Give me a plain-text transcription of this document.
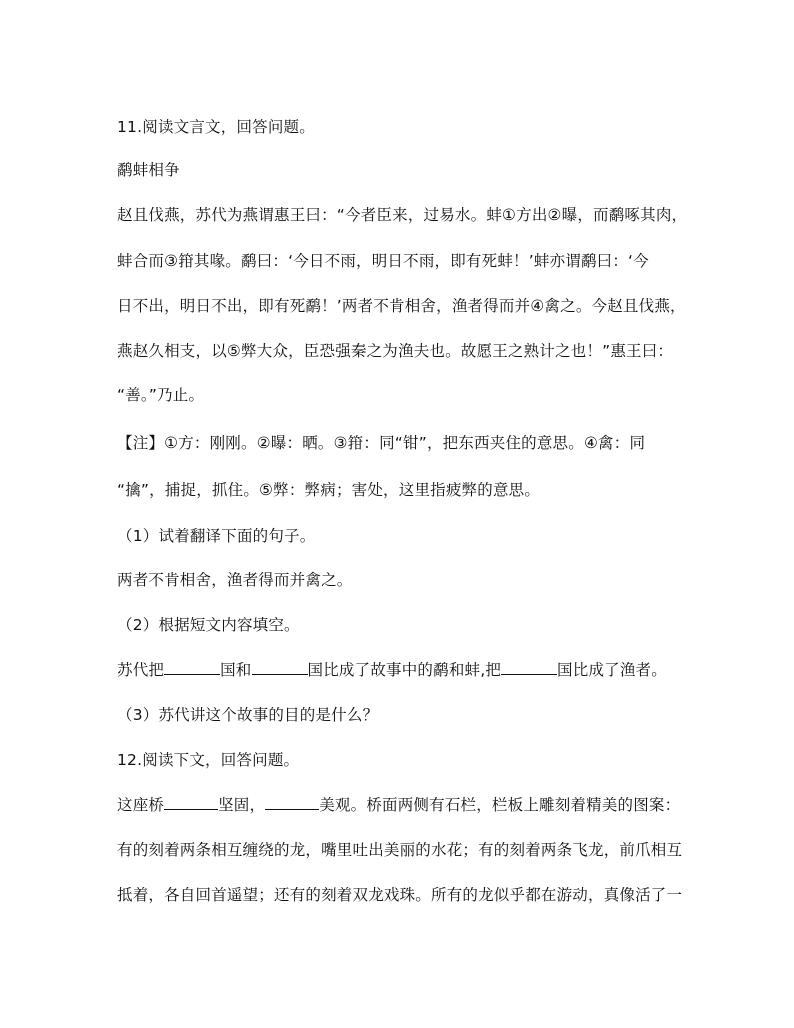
11.阅读文言文，回答问题。
鹬蚌相争
赵且伐燕，苏代为燕谓惠王曰：“今者臣来，过易水。蚌①方出②曝，而鹬啄其肉，
蚌合而③箝其喙。鹬曰：‘今日不雨，明日不雨，即有死蚌！’蚌亦谓鹬曰：‘今
日不出，明日不出，即有死鹬！’两者不肯相舍，渔者得而并④禽之。今赵且伐燕，
燕赵久相支，以⑤弊大众，臣恐强秦之为渔夫也。故愿王之熟计之也！”惠王曰：
“善。”乃止。
【注】①方：刚刚。②曝：晒。③箝：同“钳”，把东西夹住的意思。④禽：同
“擒”，捕捉，抓住。⑤弊：弊病；害处，这里指疲弊的意思。
（1）试着翻译下面的句子。
两者不肯相舍，渔者得而并禽之。
（2）根据短文内容填空。
苏代把	国和	国比成了故事中的鹬和蚌,把	国比成了渔者。
（3）苏代讲这个故事的目的是什么？
12.阅读下文，回答问题。
这座桥	坚固，	美观。桥面两侧有石栏，栏板上雕刻着精美的图案：
有的刻着两条相互缠绕的龙，嘴里吐出美丽的水花；有的刻着两条飞龙，前爪相互
抵着，各自回首遥望；还有的刻着双龙戏珠。所有的龙似乎都在游动，真像活了一
